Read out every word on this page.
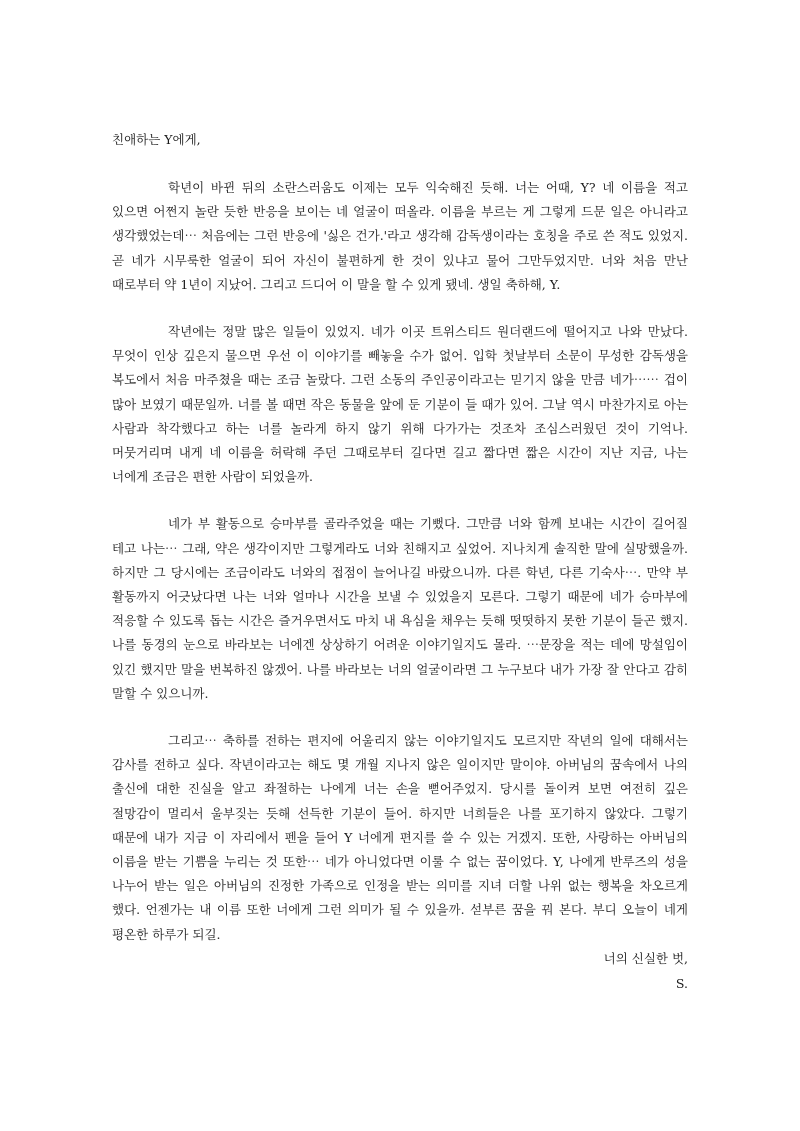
친애하는 Y에게,

학년이 바뀐 뒤의 소란스러움도 이제는 모두 익숙해진 듯해. 너는 어때, Y? 네 이름을 적고 있으면 어쩐지 놀란 듯한 반응을 보이는 네 얼굴이 떠올라. 이름을 부르는 게 그렇게 드문 일은 아니라고 생각했었는데⋯ 처음에는 그런 반응에 '싫은 건가.'라고 생각해 감독생이라는 호칭을 주로 쓴 적도 있었지. 곧 네가 시무룩한 얼굴이 되어 자신이 불편하게 한 것이 있냐고 물어 그만두었지만. 너와 처음 만난 때로부터 약 1년이 지났어. 그리고 드디어 이 말을 할 수 있게 됐네. 생일 축하해, Y.

작년에는 정말 많은 일들이 있었지. 네가 이곳 트위스티드 원더랜드에 떨어지고 나와 만났다. 무엇이 인상 깊은지 물으면 우선 이 이야기를 빼놓을 수가 없어. 입학 첫날부터 소문이 무성한 감독생을 복도에서 처음 마주쳤을 때는 조금 놀랐다. 그런 소동의 주인공이라고는 믿기지 않을 만큼 네가⋯⋯ 겁이 많아 보였기 때문일까. 너를 볼 때면 작은 동물을 앞에 둔 기분이 들 때가 있어. 그날 역시 마찬가지로 아는 사람과 착각했다고 하는 너를 놀라게 하지 않기 위해 다가가는 것조차 조심스러웠던 것이 기억나. 머뭇거리며 내게 네 이름을 허락해 주던 그때로부터 길다면 길고 짧다면 짧은 시간이 지난 지금, 나는 너에게 조금은 편한 사람이 되었을까.

네가 부 활동으로 승마부를 골라주었을 때는 기뻤다. 그만큼 너와 함께 보내는 시간이 길어질 테고 나는⋯ 그래, 약은 생각이지만 그렇게라도 너와 친해지고 싶었어. 지나치게 솔직한 말에 실망했을까. 하지만 그 당시에는 조금이라도 너와의 접점이 늘어나길 바랐으니까. 다른 학년, 다른 기숙사⋯. 만약 부 활동까지 어긋났다면 나는 너와 얼마나 시간을 보낼 수 있었을지 모른다. 그렇기 때문에 네가 승마부에 적응할 수 있도록 돕는 시간은 즐거우면서도 마치 내 욕심을 채우는 듯해 떳떳하지 못한 기분이 들곤 했지. 나를 동경의 눈으로 바라보는 너에겐 상상하기 어려운 이야기일지도 몰라. ⋯문장을 적는 데에 망설임이 있긴 했지만 말을 번복하진 않겠어. 나를 바라보는 너의 얼굴이라면 그 누구보다 내가 가장 잘 안다고 감히 말할 수 있으니까.

그리고⋯ 축하를 전하는 편지에 어울리지 않는 이야기일지도 모르지만 작년의 일에 대해서는 감사를 전하고 싶다. 작년이라고는 해도 몇 개월 지나지 않은 일이지만 말이야. 아버님의 꿈속에서 나의 출신에 대한 진실을 알고 좌절하는 나에게 너는 손을 뻗어주었지. 당시를 돌이켜 보면 여전히 깊은 절망감이 멀리서 울부짖는 듯해 선득한 기분이 들어. 하지만 너희들은 나를 포기하지 않았다. 그렇기 때문에 내가 지금 이 자리에서 펜을 들어 Y 너에게 편지를 쓸 수 있는 거겠지. 또한, 사랑하는 아버님의 이름을 받는 기쁨을 누리는 것 또한⋯ 네가 아니었다면 이룰 수 없는 꿈이었다. Y, 나에게 반루즈의 성을 나누어 받는 일은 아버님의 진정한 가족으로 인정을 받는 의미를 지녀 더할 나위 없는 행복을 차오르게 했다. 언젠가는 내 이름 또한 너에게 그런 의미가 될 수 있을까. 섣부른 꿈을 꿔 본다. 부디 오늘이 네게 평온한 하루가 되길.

너의 신실한 벗,
S.
